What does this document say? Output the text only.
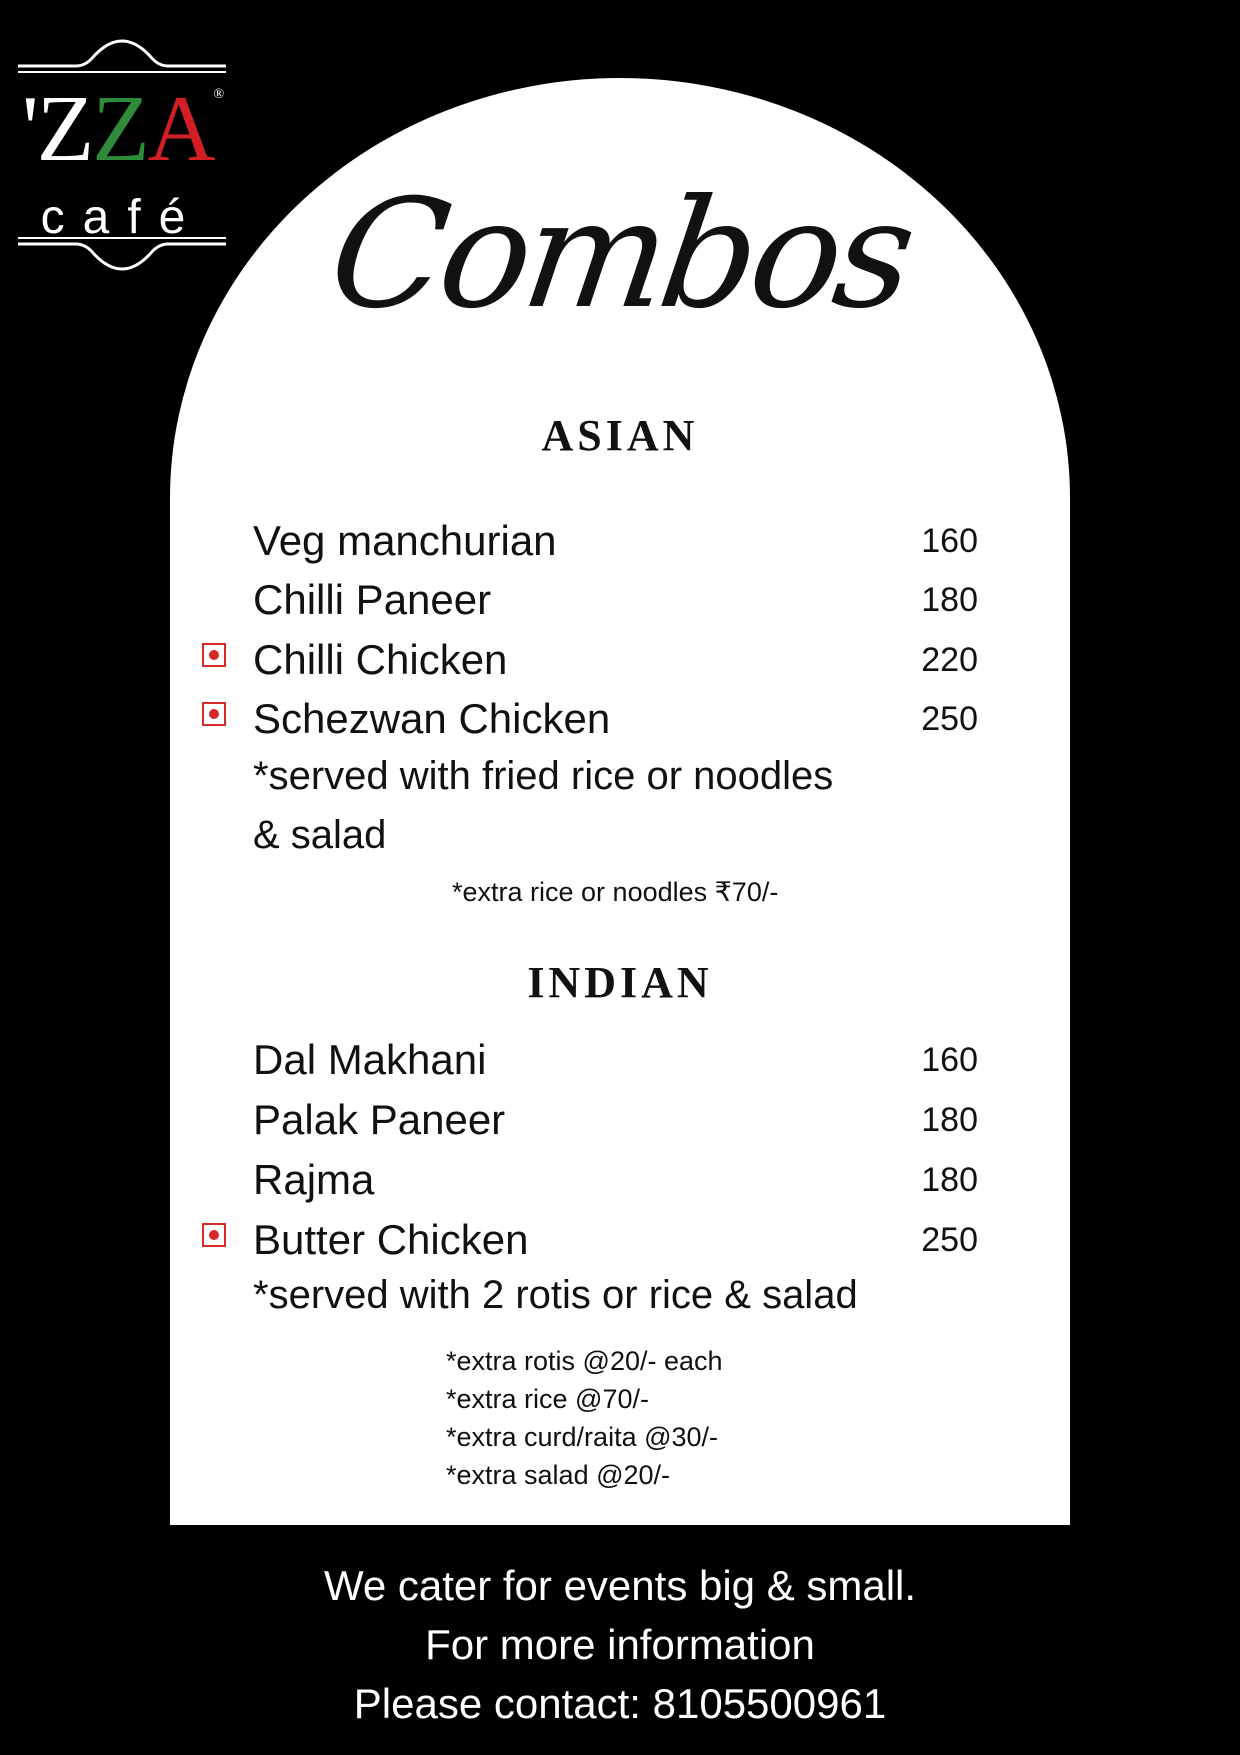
'ZZA®
café Combos
ASIAN
Veg manchurian	160
Chilli Paneer	180
Chilli Chicken	220
Schezwan Chicken	250
*served with fried rice or noodles
& salad
*extra rice or noodles ₹70/-
INDIAN
Dal Makhani	160
Palak Paneer	180
Rajma	180
Butter Chicken	250
*served with 2 rotis or rice & salad
*extra rotis @20/- each
*extra rice @70/-
*extra curd/raita @30/-
*extra salad @20/-
We cater for events big & small.
For more information
Please contact: 8105500961
